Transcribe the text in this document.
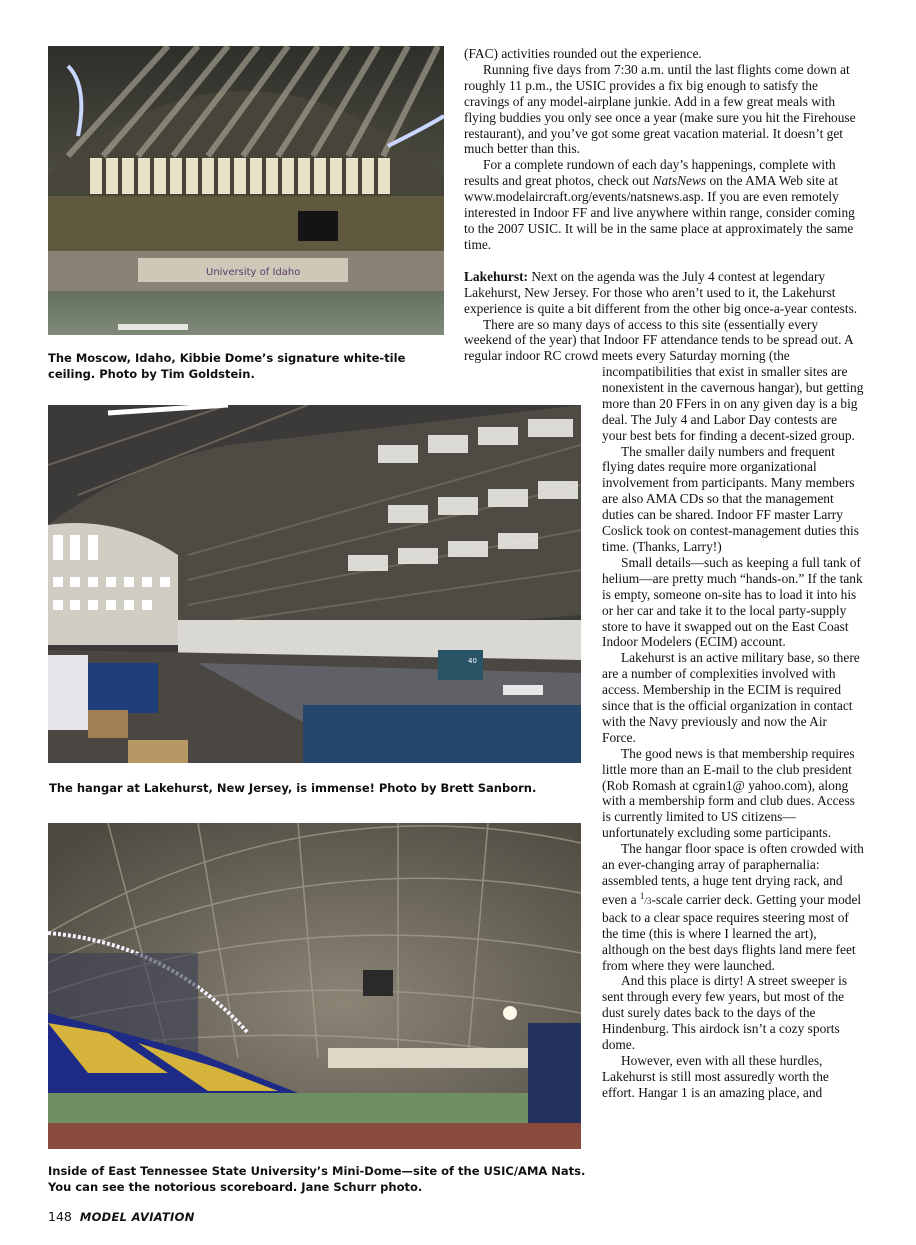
University of Idaho
The Moscow, Idaho, Kibbie Dome’s signature white-tile ceiling. Photo by Tim Goldstein.
40
The hangar at Lakehurst, New Jersey, is immense! Photo by Brett Sanborn.
Inside of East Tennessee State University’s Mini-Dome—site of the USIC/AMA Nats. You can see the notorious scoreboard. Jane Schurr photo.

(FAC) activities rounded out the experience.

Running five days from 7:30 a.m. until the last flights come down at roughly 11 p.m., the USIC provides a fix big enough to satisfy the cravings of any model-airplane junkie. Add in a few great meals with flying buddies you only see once a year (make sure you hit the Firehouse restaurant), and you’ve got some great vacation material. It doesn’t get much better than this.

For a complete rundown of each day’s happenings, complete with results and great photos, check out NatsNews on the AMA Web site at www.modelaircraft.org/events/natsnews.asp. If you are even remotely interested in Indoor FF and live anywhere within range, consider coming to the 2007 USIC. It will be in the same place at approximately the same time.

Lakehurst: Next on the agenda was the July 4 contest at legendary Lakehurst, New Jersey. For those who aren’t used to it, the Lakehurst experience is quite a bit different from the other big once-a-year contests.

There are so many days of access to this site (essentially every weekend of the year) that Indoor FF attendance tends to be spread out. A regular indoor RC crowd meets every Saturday morning (the

incompatibilities that exist in smaller sites are nonexistent in the cavernous hangar), but getting more than 20 FFers in on any given day is a big deal. The July 4 and Labor Day contests are your best bets for finding a decent-sized group.

The smaller daily numbers and frequent flying dates require more organizational involvement from participants. Many members are also AMA CDs so that the management duties can be shared. Indoor FF master Larry Coslick took on contest-management duties this time. (Thanks, Larry!)

Small details—such as keeping a full tank of helium—are pretty much “hands-on.” If the tank is empty, someone on-site has to load it into his or her car and take it to the local party-supply store to have it swapped out on the East Coast Indoor Modelers (ECIM) account.

Lakehurst is an active military base, so there are a number of complexities involved with access. Membership in the ECIM is required since that is the official organization in contact with the Navy previously and now the Air Force.

The good news is that membership requires little more than an E-mail to the club president (Rob Romash at cgrain1@ yahoo.com), along with a membership form and club dues. Access is currently limited to US citizens—unfortunately excluding some participants.

The hangar floor space is often crowded with an ever-changing array of paraphernalia: assembled tents, a huge tent drying rack, and even a $^1$/3-scale carrier deck. Getting your model back to a clear space requires steering most of the time (this is where I learned the art), although on the best days flights land mere feet from where they were launched.

And this place is dirty! A street sweeper is sent through every few years, but most of the dust surely dates back to the days of the Hindenburg. This airdock isn’t a cozy sports dome.

However, even with all these hurdles, Lakehurst is still most assuredly worth the effort. Hangar 1 is an amazing place, and

148 MODEL AVIATION
